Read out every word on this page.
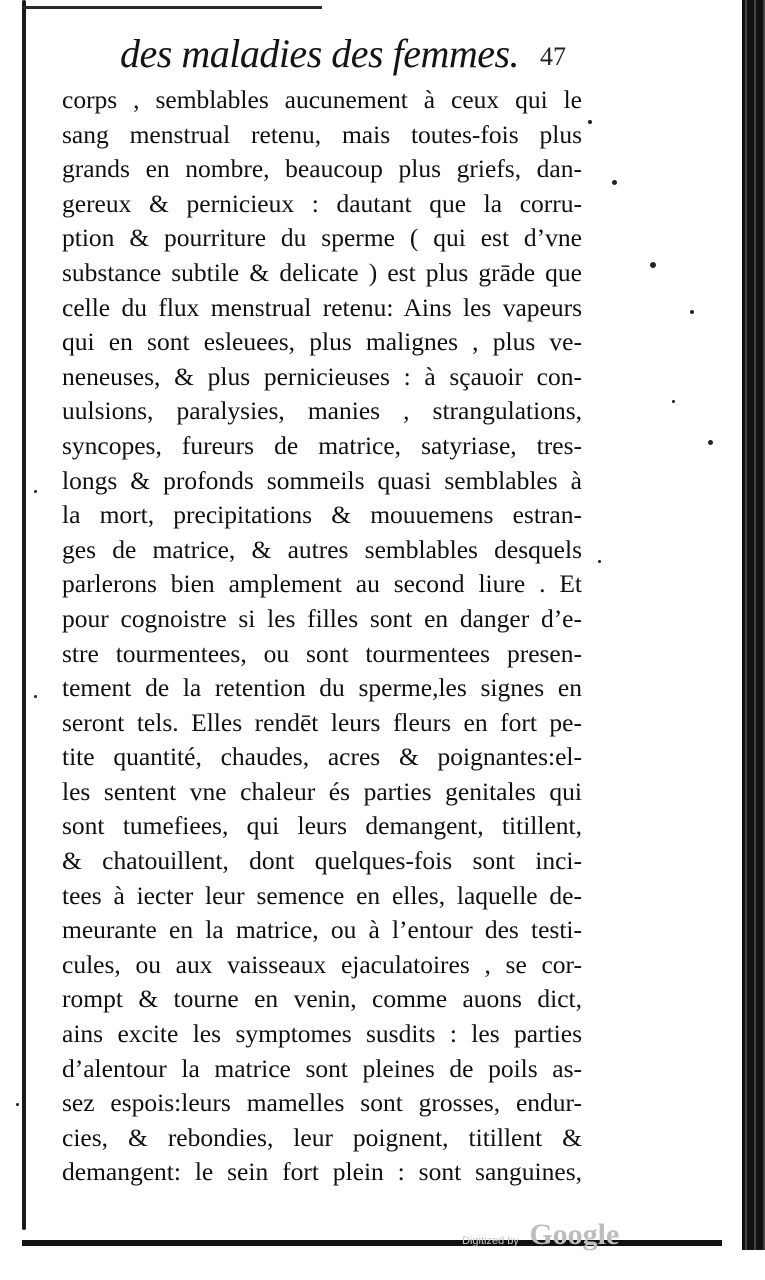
des maladies des femmes. 47
corps , semblables aucunement à ceux qui le
sang menstrual retenu, mais toutes-fois plus
grands en nombre, beaucoup plus griefs, dan-
gereux & pernicieux : dautant que la corru-
ption & pourriture du sperme ( qui est d’vne
substance subtile & delicate ) est plus grāde que
celle du flux menstrual retenu: Ains les vapeurs
qui en sont esleuees, plus malignes , plus ve-
neneuses, & plus pernicieuses : à sçauoir con-
uulsions, paralysies, manies , strangulations,
syncopes, fureurs de matrice, satyriase, tres-
longs & profonds sommeils quasi semblables à
la mort, precipitations & mouuemens estran-
ges de matrice, & autres semblables desquels
parlerons bien amplement au second liure . Et
pour cognoistre si les filles sont en danger d’e-
stre tourmentees, ou sont tourmentees presen-
tement de la retention du sperme,les signes en
seront tels. Elles rendēt leurs fleurs en fort pe-
tite quantité, chaudes, acres & poignantes:el-
les sentent vne chaleur és parties genitales qui
sont tumefiees, qui leurs demangent, titillent,
& chatouillent, dont quelques-fois sont inci-
tees à iecter leur semence en elles, laquelle de-
meurante en la matrice, ou à l’entour des testi-
cules, ou aux vaisseaux ejaculatoires , se cor-
rompt & tourne en venin, comme auons dict,
ains excite les symptomes susdits : les parties
d’alentour la matrice sont pleines de poils as-
sez espois:leurs mamelles sont grosses, endur-
cies, & rebondies, leur poignent, titillent &
demangent: le sein fort plein : sont sanguines,
Digitized by Google
